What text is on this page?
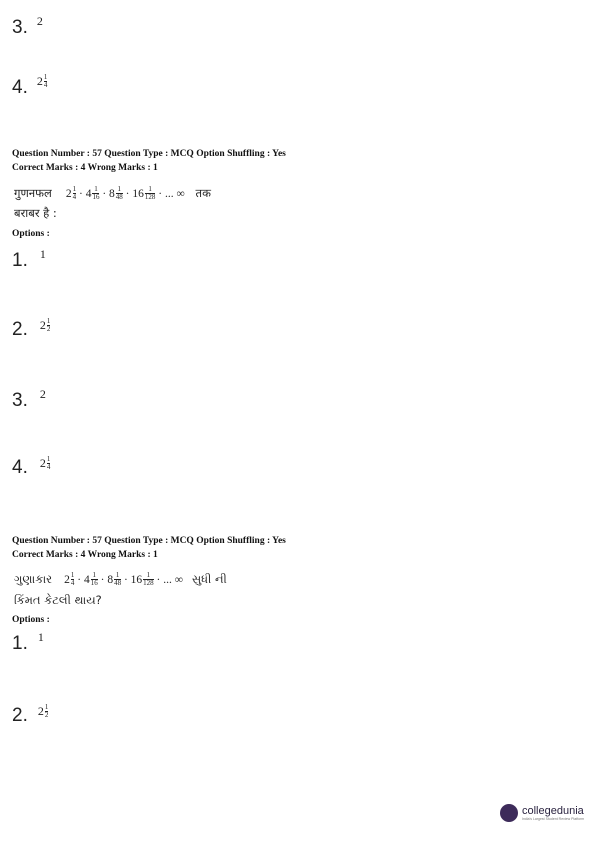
3. $^2$
4. $^{2 \frac{1}{4}}$
Question Number : 57 Question Type : MCQ Option Shuffling : Yes
Correct Marks : 4 Wrong Marks : 1
गुणनफल $2 \frac{1}{4} \cdot 4 \frac{1}{16} \cdot 8 \frac{1}{48} \cdot 16 \frac{1}{128}$ · ... ∞ तक
बराबर है :
Options :
1. $^1$
2. $^{2 \frac{1}{2}}$
3. $^2$
4. $^{2 \frac{1}{4}}$
Question Number : 57 Question Type : MCQ Option Shuffling : Yes
Correct Marks : 4 Wrong Marks : 1
ગુણાકાર $2 \frac{1}{4} \cdot 4 \frac{1}{16} \cdot 8 \frac{1}{48} \cdot 16 \frac{1}{128}$ · ... ∞ સુધી ની
કિંમત કેટલી થાય?
Options :
1. $^1$
2. $^{2 \frac{1}{2}}$
collegedunia
India's Largest Student Review Platform
